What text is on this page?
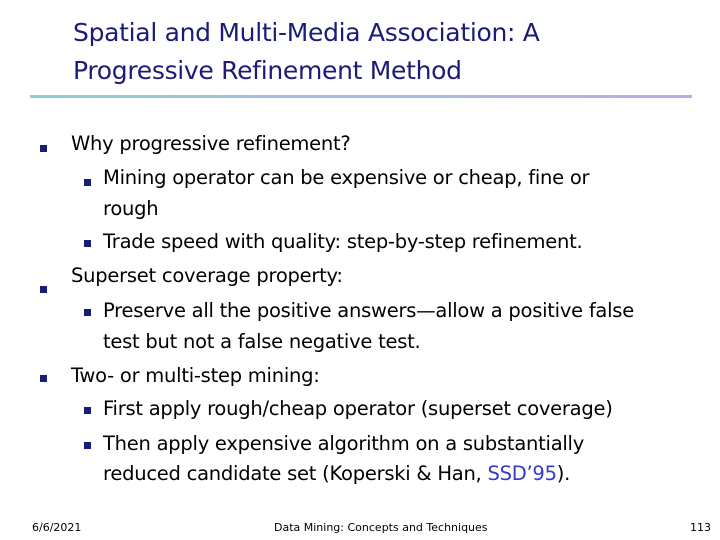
Spatial and Multi-Media Association: A
Progressive Refinement Method
Why progressive refinement?
Mining operator can be expensive or cheap, fine or
rough
Trade speed with quality: step-by-step refinement.
Superset coverage property:
Preserve all the positive answers—allow a positive false
test but not a false negative test.
Two- or multi-step mining:
First apply rough/cheap operator (superset coverage)
Then apply expensive algorithm on a substantially
reduced candidate set (Koperski & Han, SSD’95).
6/6/2021	Data Mining: Concepts and Techniques	113
